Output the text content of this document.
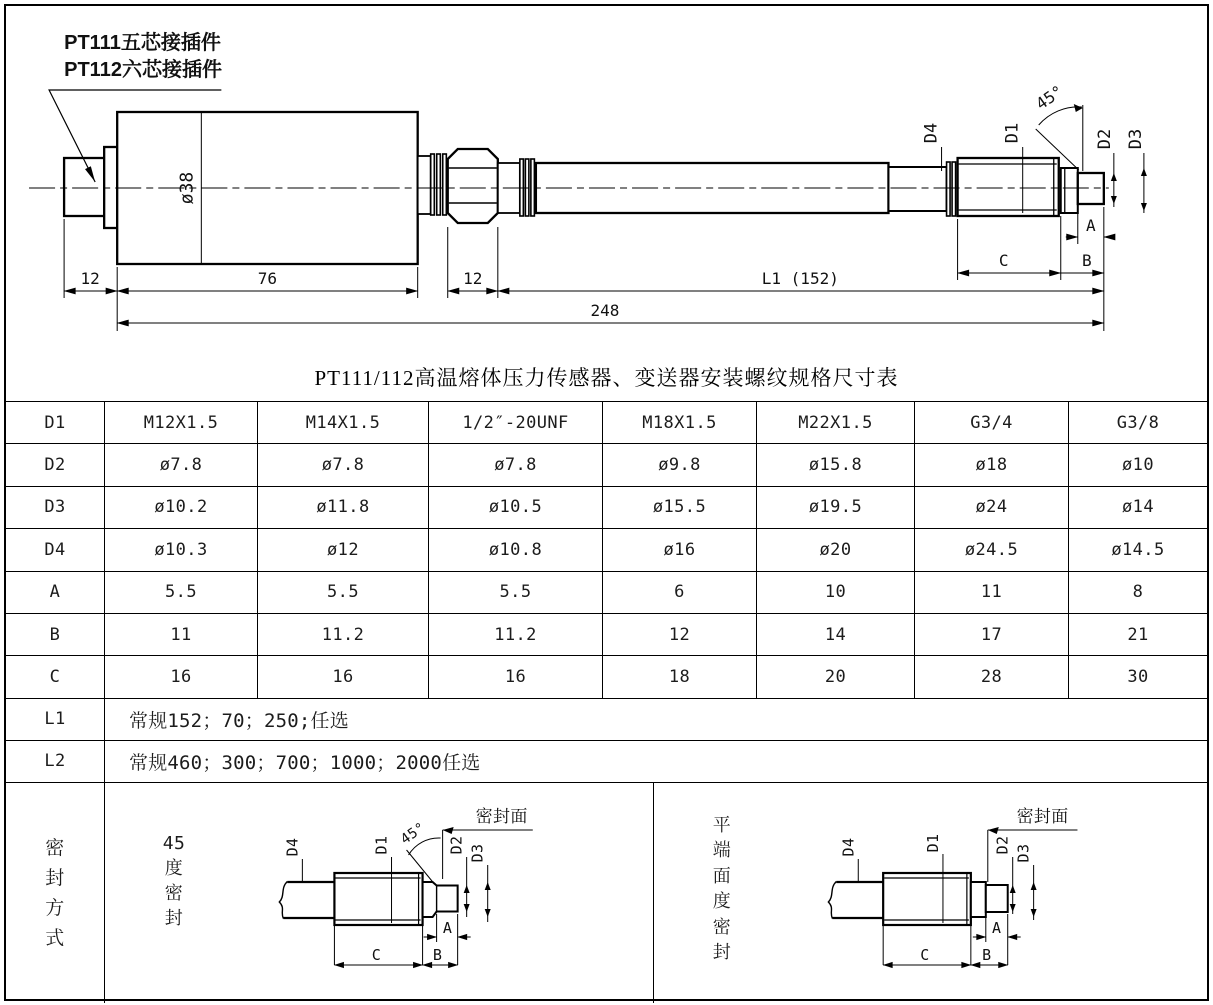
PT111五芯接插件
PT112六芯接插件
ø38
D4	D1	D2 D3
45°
12	76	12	L1 (152)
248
C	B
A
PT111/112高温熔体压力传感器、变送器安装螺纹规格尺寸表
D1	M12X1.5	M14X1.5	1/2″-20UNF	M18X1.5	M22X1.5	G3/4	G3/8
D2	ø7.8	ø7.8	ø7.8	ø9.8	ø15.8	ø18	ø10
D3	ø10.2	ø11.8	ø10.5	ø15.5	ø19.5	ø24	ø14
D4	ø10.3	ø12	ø10.8	ø16	ø20	ø24.5	ø14.5
A	5.5	5.5	5.5	6	10	11	8
B	11	11.2	11.2	12	14	17	21
C	16	16	16	18	20	28	30
L1	常规152；70；250;任选
L2	常规460；300；700；1000；2000任选
密封方式
45度密封
D4	D1 45°
密封面
D2 D3
A
B
C
平端面度密封
D4	D1
密封面
D2 D3
A
B
C
